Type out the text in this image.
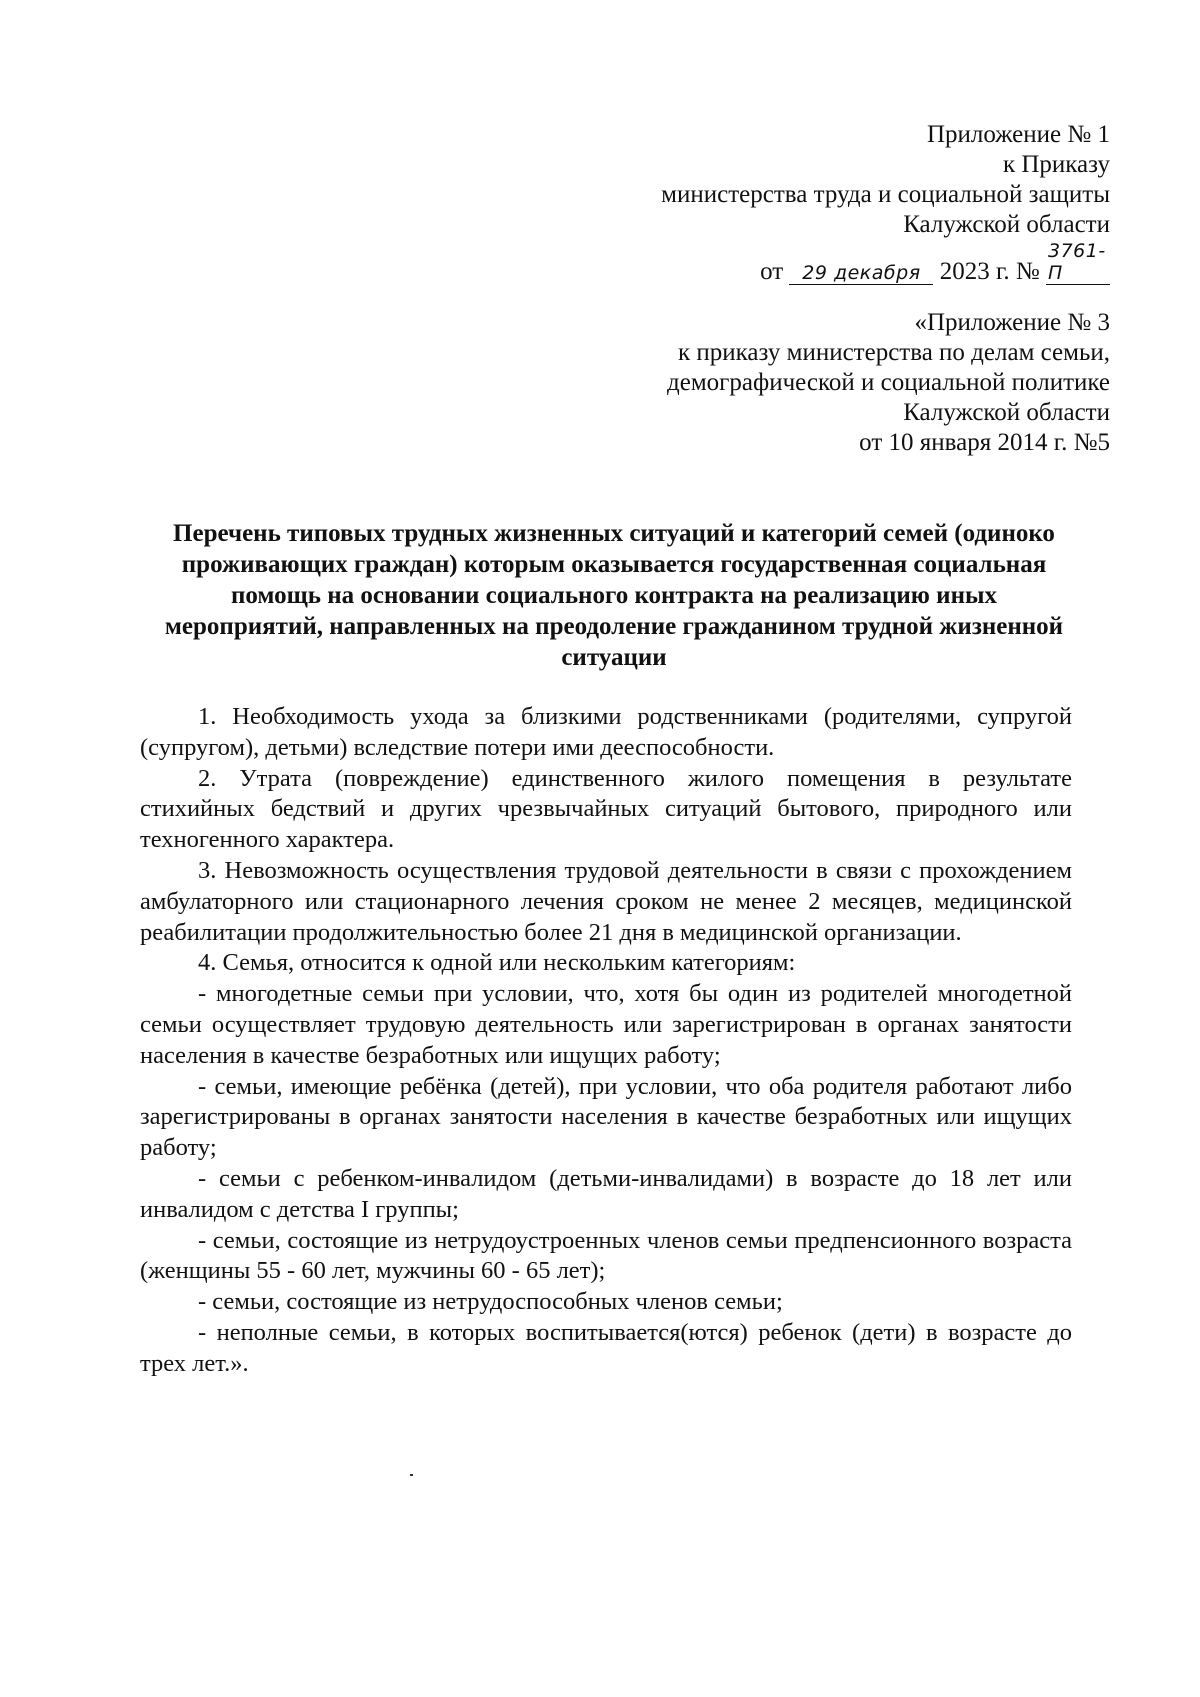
Приложение № 1
к Приказу
министерства труда и социальной защиты
Калужской области
от 29 декабря 2023 г. № 3761-П
«Приложение № 3
к приказу министерства по делам семьи,
демографической и социальной политике
Калужской области
от 10 января 2014 г. №5
Перечень типовых трудных жизненных ситуаций и категорий семей (одиноко проживающих граждан) которым оказывается государственная социальная помощь на основании социального контракта на реализацию иных мероприятий, направленных на преодоление гражданином трудной жизненной ситуации

1. Необходимость ухода за близкими родственниками (родителями, супругой (супругом), детьми) вследствие потери ими дееспособности.

2. Утрата (повреждение) единственного жилого помещения в результате стихийных бедствий и других чрезвычайных ситуаций бытового, природного или техногенного характера.

3. Невозможность осуществления трудовой деятельности в связи с прохождением амбулаторного или стационарного лечения сроком не менее 2 месяцев, медицинской реабилитации продолжительностью более 21 дня в медицинской организации.

4. Семья, относится к одной или нескольким категориям:

- многодетные семьи при условии, что, хотя бы один из родителей многодетной семьи осуществляет трудовую деятельность или зарегистрирован в органах занятости населения в качестве безработных или ищущих работу;

- семьи, имеющие ребёнка (детей), при условии, что оба родителя работают либо зарегистрированы в органах занятости населения в качестве безработных или ищущих работу;

- семьи с ребенком-инвалидом (детьми-инвалидами) в возрасте до 18 лет или инвалидом с детства I группы;

- семьи, состоящие из нетрудоустроенных членов семьи предпенсионного возраста (женщины 55 - 60 лет, мужчины 60 - 65 лет);

- семьи, состоящие из нетрудоспособных членов семьи;

- неполные семьи, в которых воспитывается(ются) ребенок (дети) в возрасте до трех лет.».
